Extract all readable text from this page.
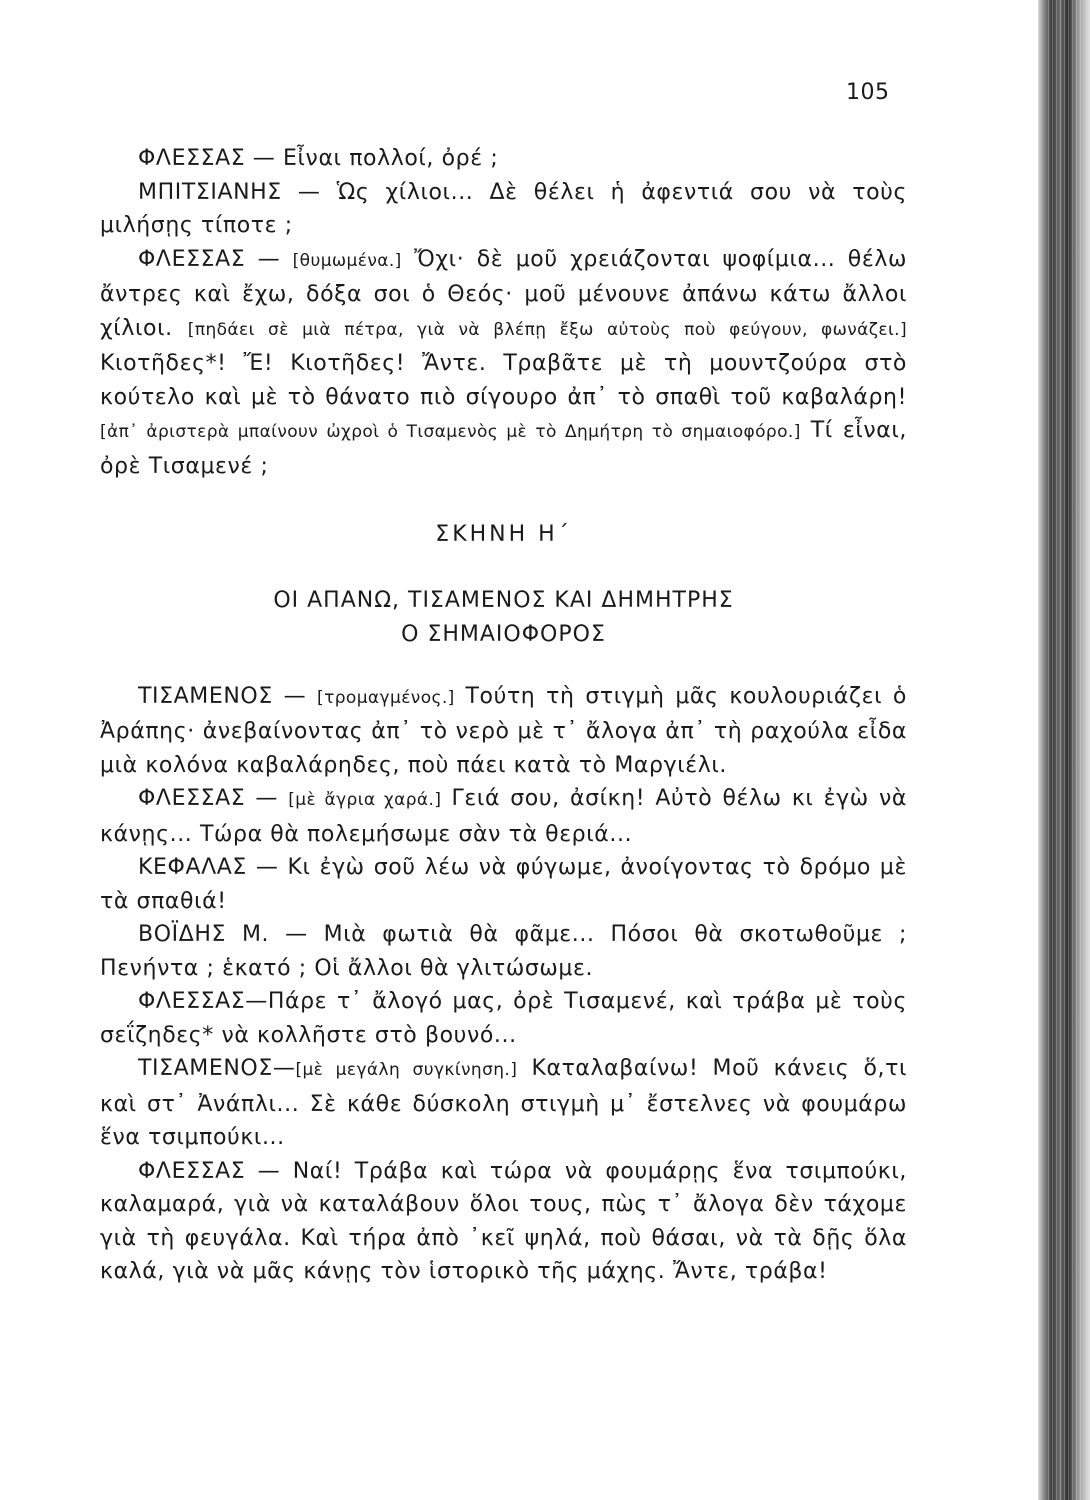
105

ΦΛΕΣΣΑΣ — Εἶναι πολλοί, ὀρέ ;

ΜΠΙΤΣΙΑΝΗΣ — Ὡς χίλιοι... Δὲ θέλει ἡ ἀφεντιά σου νὰ τοὺς μιλήσῃς τίποτε ;

ΦΛΕΣΣΑΣ — [θυμωμένα.] Ὄχι· δὲ μοῦ χρειάζονται ψοφίμια... θέλω ἄντρες καὶ ἔχω, δόξα σοι ὁ Θεός· μοῦ μένουνε ἀπάνω κάτω ἄλλοι χίλιοι. [πηδάει σὲ μιὰ πέτρα, γιὰ νὰ βλέπῃ ἔξω αὐτοὺς ποὺ φεύγουν, φωνάζει.] Κιοτῆδες*! Ἔ! Κιοτῆδες! Ἄντε. Τραβᾶτε μὲ τὴ μουντζούρα στὸ κούτελο καὶ μὲ τὸ θάνατο πιὸ σίγουρο ἀπ᾿ τὸ σπαθὶ τοῦ καβαλάρη! [ἀπ᾿ ἀριστερὰ μπαίνουν ὠχροὶ ὁ Τισαμενὸς μὲ τὸ Δημήτρη τὸ σημαιοφόρο.] Τί εἶναι, ὀρὲ Τισαμενέ ;

ΣΚΗΝΗ Η΄
ΟΙ ΑΠΑΝΩ, ΤΙΣΑΜΕΝΟΣ ΚΑΙ ΔΗΜΗΤΡΗΣ
Ο ΣΗΜΑΙΟΦΟΡΟΣ

ΤΙΣΑΜΕΝΟΣ — [τρομαγμένος.] Τούτη τὴ στιγμὴ μᾶς κουλουριάζει ὁ Ἀράπης· ἀνεβαίνοντας ἀπ᾿ τὸ νερὸ μὲ τ᾿ ἄλογα ἀπ᾿ τὴ ραχούλα εἶδα μιὰ κολόνα καβαλάρηδες, ποὺ πάει κατὰ τὸ Μαργιέλι.

ΦΛΕΣΣΑΣ — [μὲ ἄγρια χαρά.] Γειά σου, ἀσίκη! Αὐτὸ θέλω κι ἐγὼ νὰ κάνῃς... Τώρα θὰ πολεμήσωμε σὰν τὰ θεριά...

ΚΕΦΑΛΑΣ — Κι ἐγὼ σοῦ λέω νὰ φύγωμε, ἀνοίγοντας τὸ δρόμο μὲ τὰ σπαθιά!

ΒΟΪΔΗΣ Μ. — Μιὰ φωτιὰ θὰ φᾶμε... Πόσοι θὰ σκοτωθοῦμε ; Πενήντα ; ἑκατό ; Οἱ ἄλλοι θὰ γλιτώσωμε.

ΦΛΕΣΣΑΣ—Πάρε τ᾿ ἄλογό μας, ὀρὲ Τισαμενέ, καὶ τράβα μὲ τοὺς σεΐζηδες* νὰ κολλῆστε στὸ βουνό...

ΤΙΣΑΜΕΝΟΣ—[μὲ μεγάλη συγκίνηση.] Καταλαβαίνω! Μοῦ κάνεις ὅ,τι καὶ στ᾿ Ἀνάπλι... Σὲ κάθε δύσκολη στιγμὴ μ᾿ ἔστελνες νὰ φουμάρω ἕνα τσιμπούκι...

ΦΛΕΣΣΑΣ — Ναί! Τράβα καὶ τώρα νὰ φουμάρῃς ἕνα τσιμπούκι, καλαμαρά, γιὰ νὰ καταλάβουν ὅλοι τους, πὼς τ᾿ ἄλογα δὲν τάχομε γιὰ τὴ φευγάλα. Καὶ τήρα ἀπὸ ᾿κεῖ ψηλά, ποὺ θάσαι, νὰ τὰ δῇς ὅλα καλά, γιὰ νὰ μᾶς κάνῃς τὸν ἱστορικὸ τῆς μάχης. Ἄντε, τράβα!
